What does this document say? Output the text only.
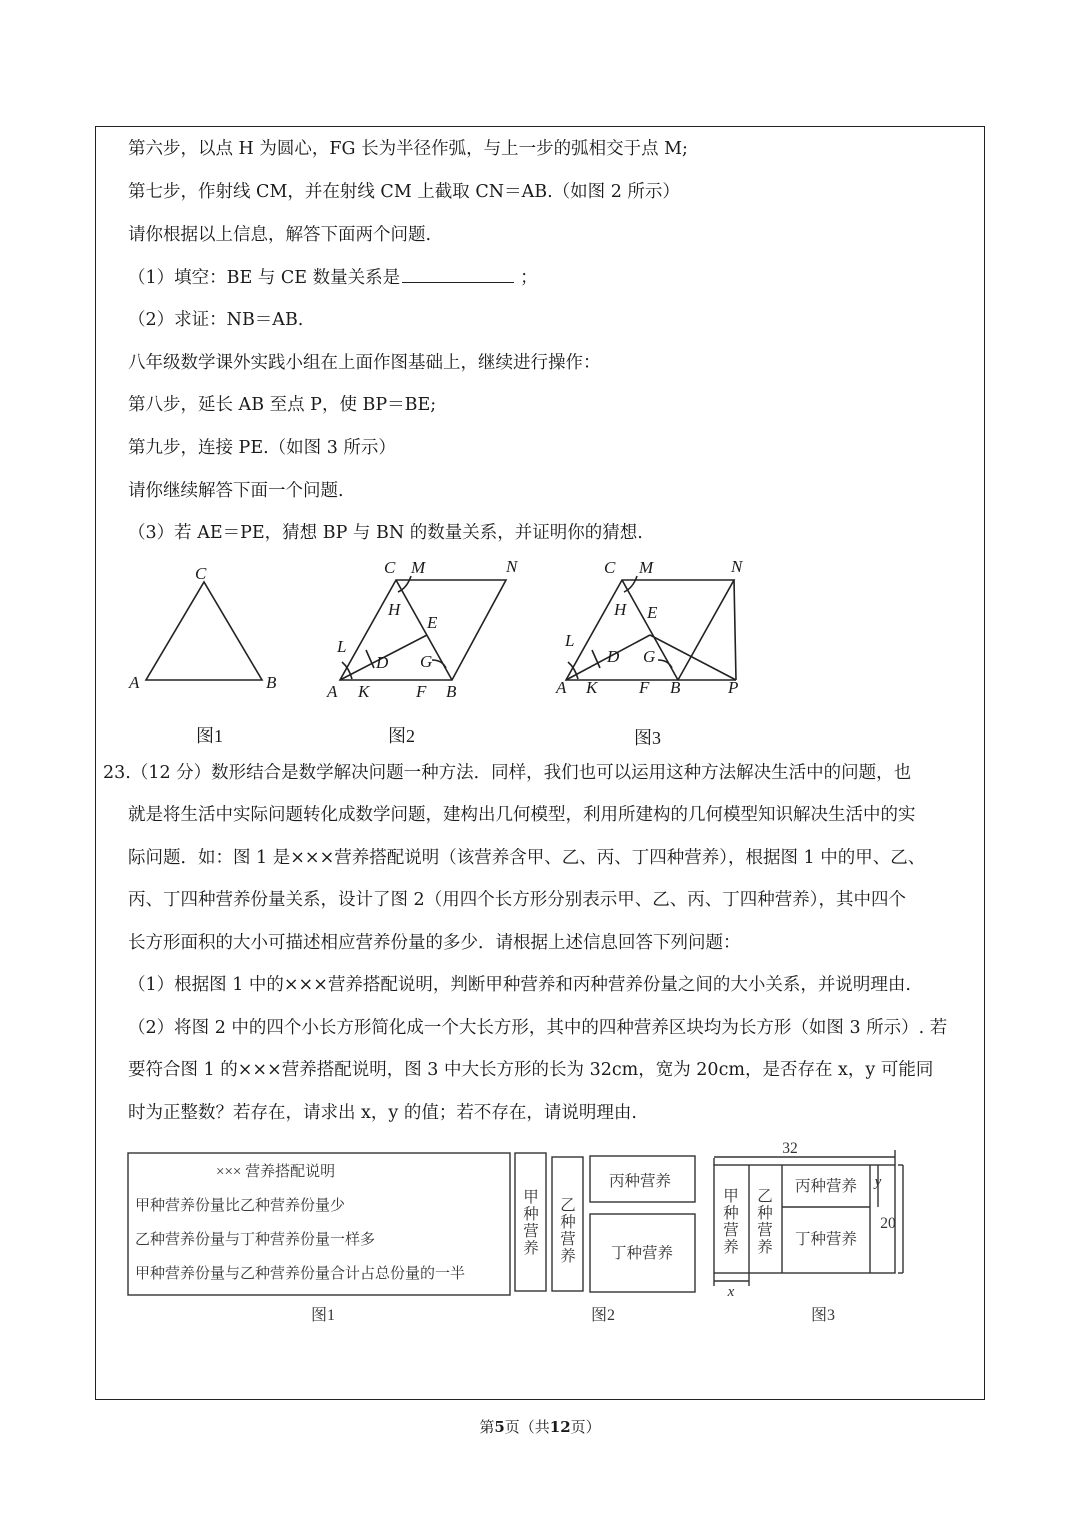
第六步，以点 H 为圆心，FG 长为半径作弧，与上一步的弧相交于点 M;
第七步，作射线 CM，并在射线 CM 上截取 CN＝AB.（如图 2 所示）
请你根据以上信息，解答下面两个问题.
（1）填空：BE 与 CE 数量关系是	；
（2）求证：NB＝AB.
八年级数学课外实践小组在上面作图基础上，继续进行操作：
第八步，延长 AB 至点 P，使 BP＝BE;
第九步，连接 PE.（如图 3 所示）
请你继续解答下面一个问题.
（3）若 AE＝PE，猜想 BP 与 BN 的数量关系，并证明你的猜想.
C
A	B
C M	N
H
E
L
D G
A K	F B
C M	N
H E
L
D G
A K F B	P
图1	图2	图3
23.（12 分）数形结合是数学解决问题一种方法．同样，我们也可以运用这种方法解决生活中的问题，也
就是将生活中实际问题转化成数学问题，建构出几何模型，利用所建构的几何模型知识解决生活中的实
际问题．如：图 1 是×××营养搭配说明（该营养含甲、乙、丙、丁四种营养），根据图 1 中的甲、乙、
丙、丁四种营养份量关系，设计了图 2（用四个长方形分别表示甲、乙、丙、丁四种营养），其中四个
长方形面积的大小可描述相应营养份量的多少．请根据上述信息回答下列问题：
（1）根据图 1 中的×××营养搭配说明，判断甲种营养和丙种营养份量之间的大小关系，并说明理由.
（2）将图 2 中的四个小长方形简化成一个大长方形，其中的四种营养区块均为长方形（如图 3 所示）. 若
要符合图 1 的×××营养搭配说明，图 3 中大长方形的长为 32cm，宽为 20cm，是否存在 x，y 可能同
时为正整数？若存在，请求出 x，y 的值；若不存在，请说明理由.
××× 营养搭配说明
甲种营养份量比乙种营养份量少
乙种营养份量与丁种营养份量一样多
甲种营养份量与乙种营养份量合计占总份量的一半
甲
种
营
养
乙
种
营
养
丙种营养
丁种营养
甲
种
营
养
乙
种
营
养
丙种营养
丁种营养
32
20
y
x
图1	图2	图3
第5页（共12页）
